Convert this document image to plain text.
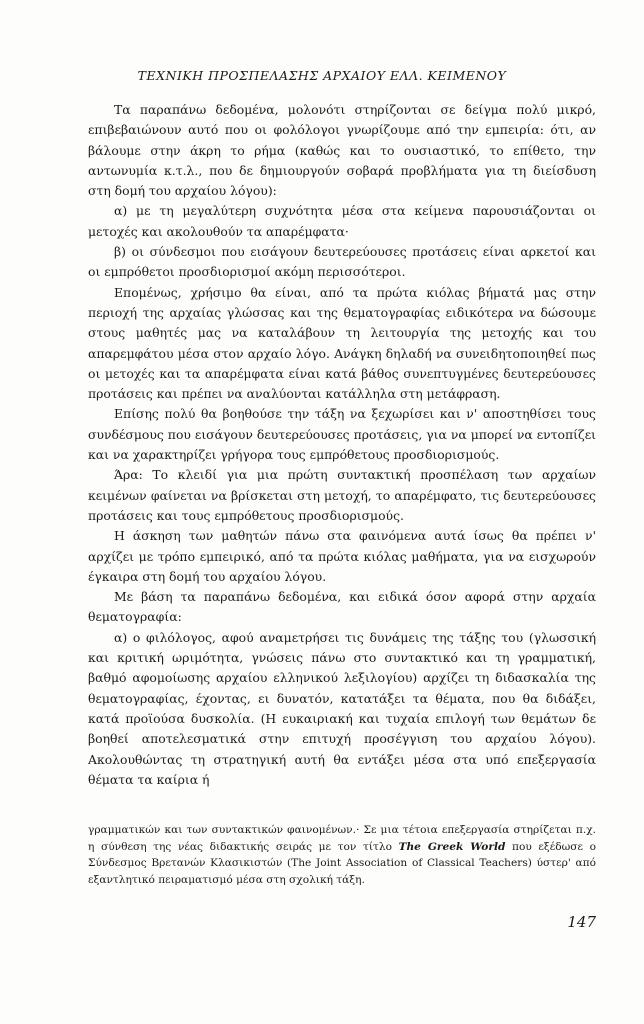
ΤΕΧΝΙΚΗ ΠΡΟΣΠΕΛΑΣΗΣ ΑΡΧΑΙΟΥ ΕΛΛ. ΚΕΙΜΕΝΟΥ

Τα παραπάνω δεδομένα, μολονότι στηρίζονται σε δείγμα πολύ μικρό, επιβεβαιώνουν αυτό που οι φολόλογοι γνωρίζουμε από την εμπειρία: ότι, αν βάλουμε στην άκρη το ρήμα (καθώς και το ουσιαστικό, το επίθετο, την αντωνυμία κ.τ.λ., που δε δημιουργούν σοβαρά προβλήματα για τη διείσδυση στη δομή του αρχαίου λόγου):

α) με τη μεγαλύτερη συχνότητα μέσα στα κείμενα παρουσιάζονται οι μετοχές και ακολουθούν τα απαρέμφατα·

β) οι σύνδεσμοι που εισάγουν δευτερεύουσες προτάσεις είναι αρκετοί και οι εμπρόθετοι προσδιορισμοί ακόμη περισσότεροι.

Επομένως, χρήσιμο θα είναι, από τα πρώτα κιόλας βήματά μας στην περιοχή της αρχαίας γλώσσας και της θεματογραφίας ειδικότερα να δώσουμε στους μαθητές μας να καταλάβουν τη λειτουργία της μετοχής και του απαρεμφάτου μέσα στον αρχαίο λόγο. Ανάγκη δηλαδή να συνειδητοποιηθεί πως οι μετοχές και τα απαρέμφατα είναι κατά βάθος συνεπτυγμένες δευτερεύουσες προτάσεις και πρέπει να αναλύονται κατάλληλα στη μετάφραση.

Επίσης πολύ θα βοηθούσε την τάξη να ξεχωρίσει και ν' αποστηθίσει τους συνδέσμους που εισάγουν δευτερεύουσες προτάσεις, για να μπορεί να εντοπίζει και να χαρακτηρίζει γρήγορα τους εμπρόθετους προσδιορισμούς.

Άρα: Το κλειδί για μια πρώτη συντακτική προσπέλαση των αρχαίων κειμένων φαίνεται να βρίσκεται στη μετοχή, το απαρέμφατο, τις δευτερεύουσες προτάσεις και τους εμπρόθετους προσδιορισμούς.

Η άσκηση των μαθητών πάνω στα φαινόμενα αυτά ίσως θα πρέπει ν' αρχίζει με τρόπο εμπειρικό, από τα πρώτα κιόλας μαθήματα, για να εισχωρούν έγκαιρα στη δομή του αρχαίου λόγου.

Με βάση τα παραπάνω δεδομένα, και ειδικά όσον αφορά στην αρχαία θεματογραφία:

α) ο φιλόλογος, αφού αναμετρήσει τις δυνάμεις της τάξης του (γλωσσική και κριτική ωριμότητα, γνώσεις πάνω στο συντακτικό και τη γραμματική, βαθμό αφομοίωσης αρχαίου ελληνικού λεξιλογίου) αρχίζει τη διδασκαλία της θεματογραφίας, έχοντας, ει δυνατόν, κατατάξει τα θέματα, που θα διδάξει, κατά προϊούσα δυσκολία. (Η ευκαιριακή και τυχαία επιλογή των θεμάτων δε βοηθεί αποτελεσματικά στην επιτυχή προσέγγιση του αρχαίου λόγου). Ακολουθώντας τη στρατηγική αυτή θα εντάξει μέσα στα υπό επεξεργασία θέματα τα καίρια ή

γραμματικών και των συντακτικών φαινομένων.· Σε μια τέτοια επεξεργασία στηρίζεται π.χ. η σύνθεση της νέας διδακτικής σειράς με τον τίτλο The Greek World που εξέδωσε ο Σύνδεσμος Βρετανών Κλασικιστών (The Joint Association of Classical Teachers) ύστερ' από εξαντλητικό πειραματισμό μέσα στη σχολική τάξη.
147
